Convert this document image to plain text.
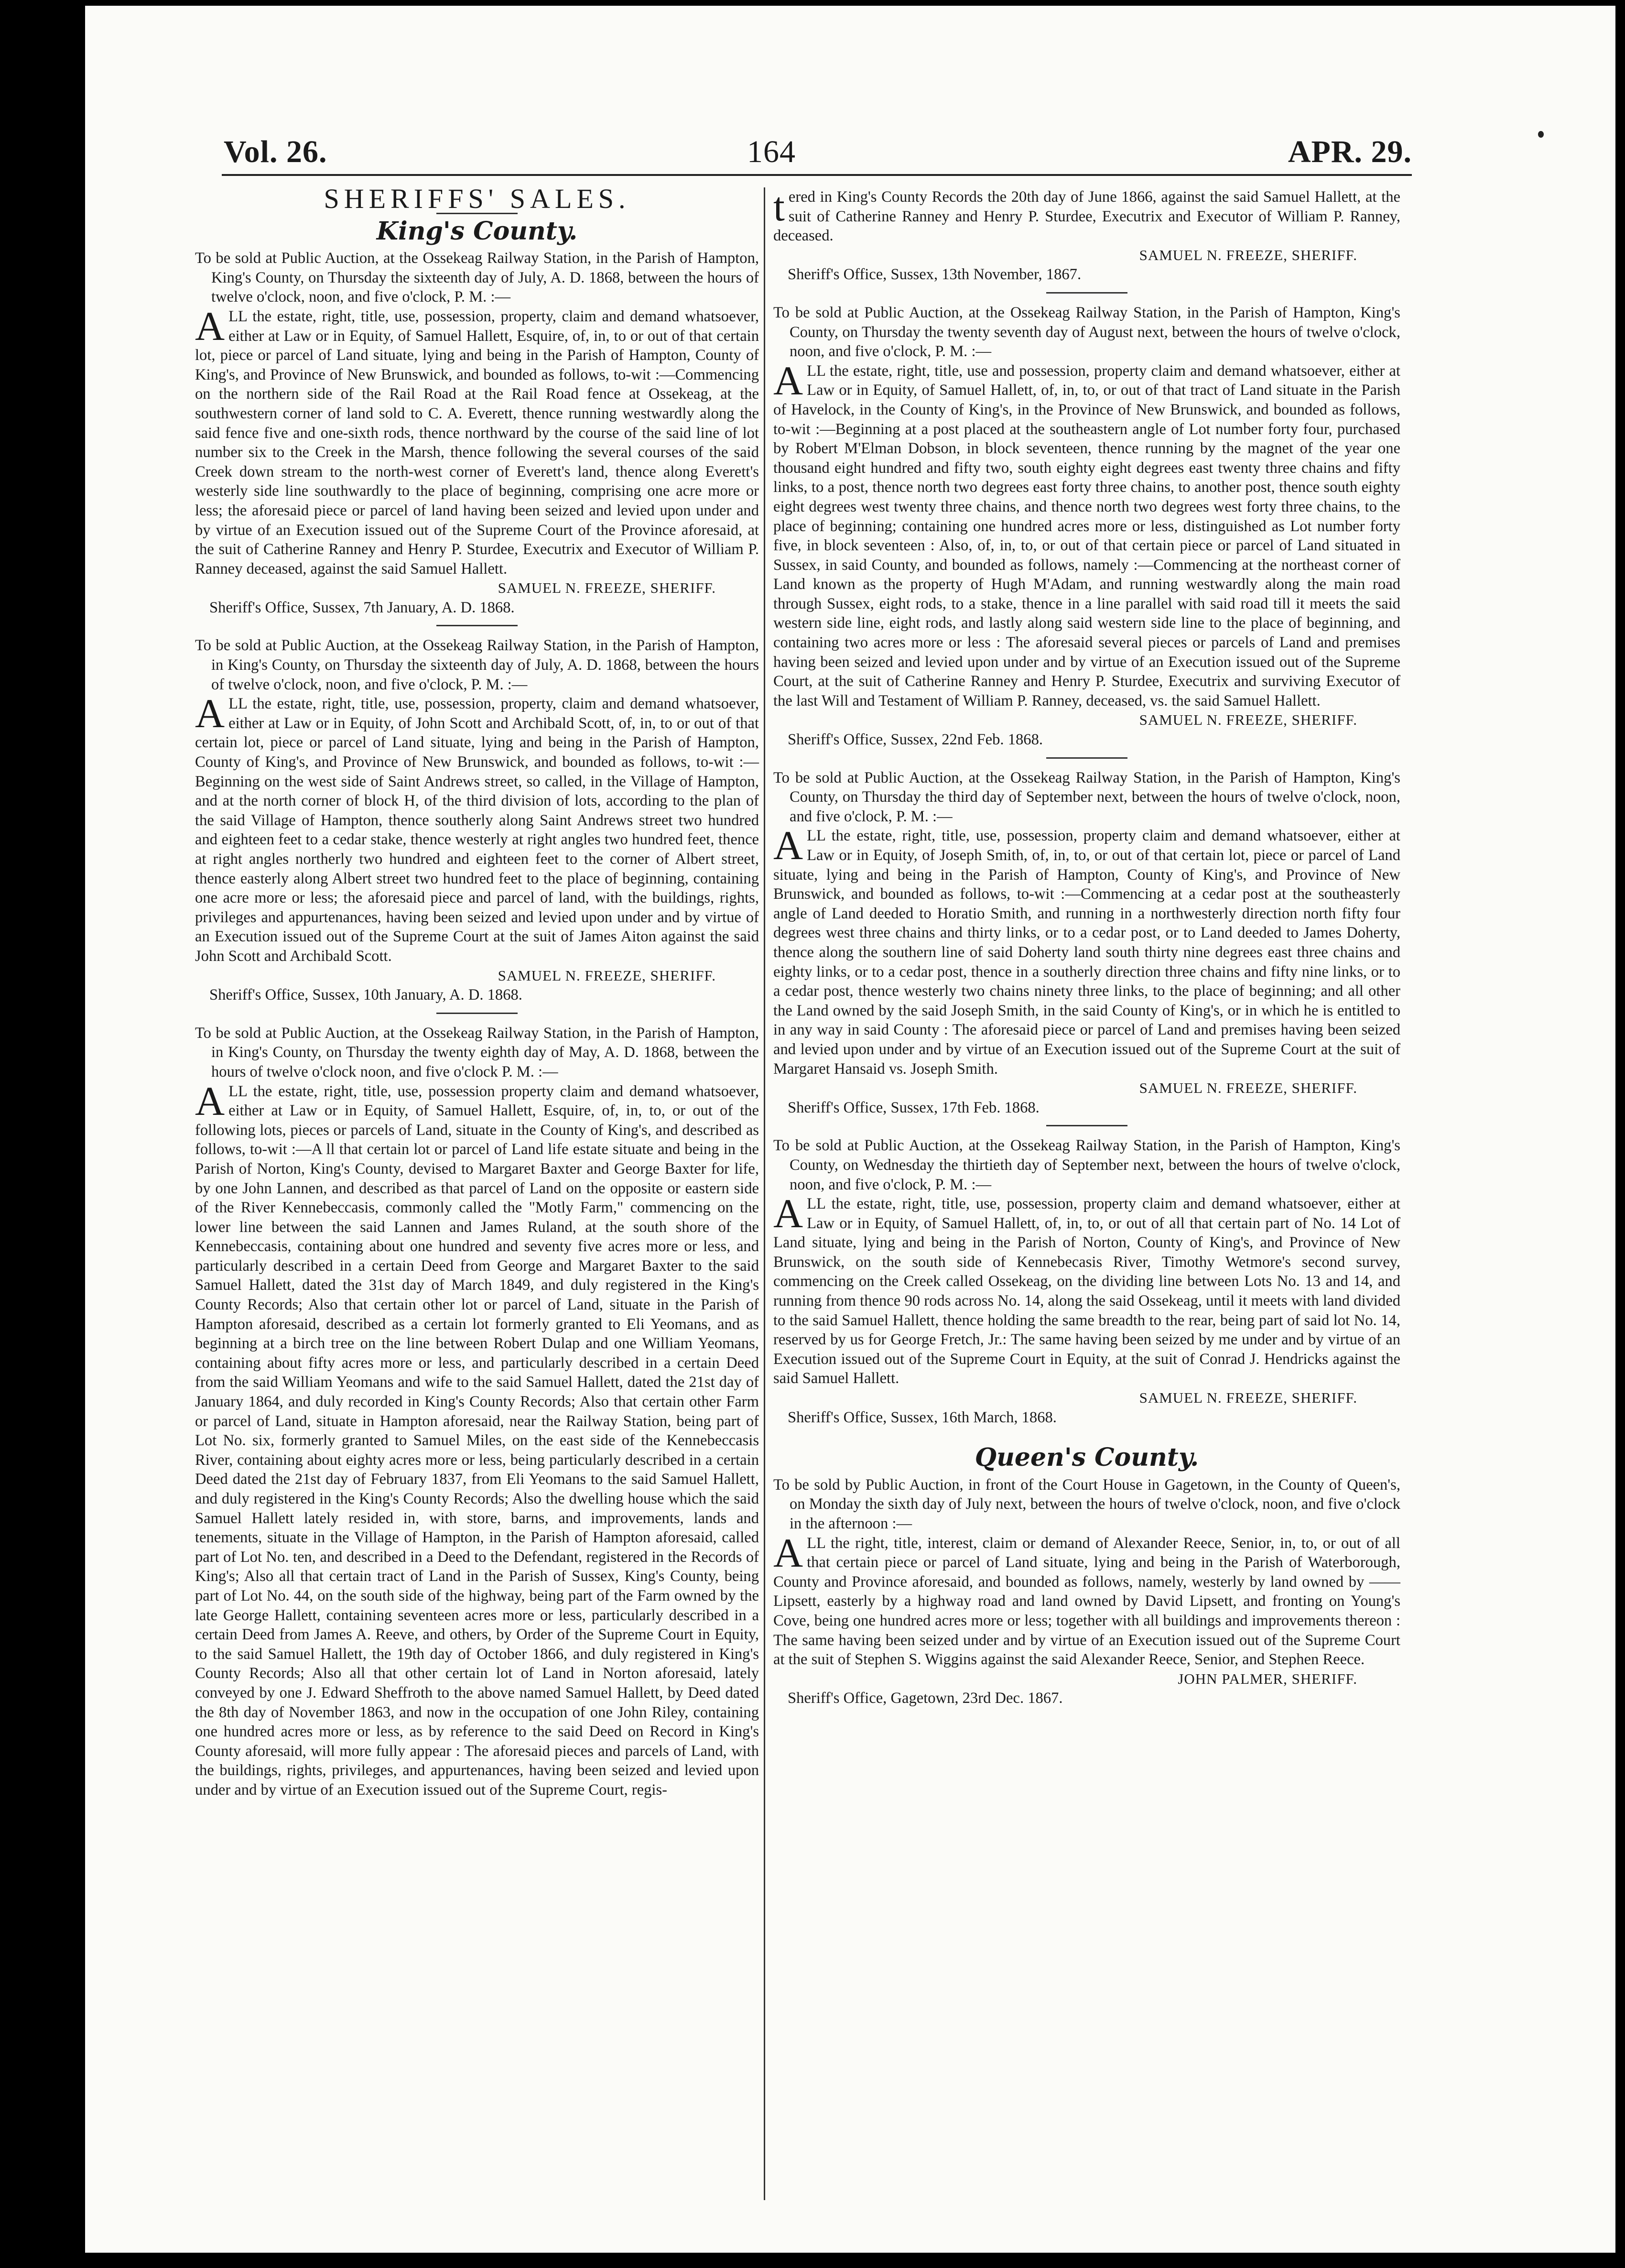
Vol. 26.	164	APR. 29.
SHERIFFS' SALES.
King's County.

To be sold at Public Auction, at the Ossekeag Railway Station, in the Parish of Hampton, King's County, on Thursday the sixteenth day of July, A. D. 1868, between the hours of twelve o'clock, noon, and five o'clock, P. M. :—

ALL the estate, right, title, use, possession, property, claim and demand whatsoever, either at Law or in Equity, of Samuel Hallett, Esquire, of, in, to or out of that certain lot, piece or parcel of Land situate, lying and being in the Parish of Hampton, County of King's, and Province of New Brunswick, and bounded as follows, to-wit :—Commencing on the northern side of the Rail Road at the Rail Road fence at Ossekeag, at the southwestern corner of land sold to C. A. Everett, thence running westwardly along the said fence five and one-sixth rods, thence northward by the course of the said line of lot number six to the Creek in the Marsh, thence following the several courses of the said Creek down stream to the north-west corner of Everett's land, thence along Everett's westerly side line southwardly to the place of beginning, comprising one acre more or less; the aforesaid piece or parcel of land having been seized and levied upon under and by virtue of an Execution issued out of the Supreme Court of the Province aforesaid, at the suit of Catherine Ranney and Henry P. Sturdee, Executrix and Executor of William P. Ranney deceased, against the said Samuel Hallett.

SAMUEL N. FREEZE, SHERIFF.

Sheriff's Office, Sussex, 7th January, A. D. 1868.

To be sold at Public Auction, at the Ossekeag Railway Station, in the Parish of Hampton, in King's County, on Thursday the sixteenth day of July, A. D. 1868, between the hours of twelve o'clock, noon, and five o'clock, P. M. :—

ALL the estate, right, title, use, possession, property, claim and demand whatsoever, either at Law or in Equity, of John Scott and Archibald Scott, of, in, to or out of that certain lot, piece or parcel of Land situate, lying and being in the Parish of Hampton, County of King's, and Province of New Brunswick, and bounded as follows, to-wit :—Beginning on the west side of Saint Andrews street, so called, in the Village of Hampton, and at the north corner of block H, of the third division of lots, according to the plan of the said Village of Hampton, thence southerly along Saint Andrews street two hundred and eighteen feet to a cedar stake, thence westerly at right angles two hundred feet, thence at right angles northerly two hundred and eighteen feet to the corner of Albert street, thence easterly along Albert street two hundred feet to the place of beginning, containing one acre more or less; the aforesaid piece and parcel of land, with the buildings, rights, privileges and appurtenances, having been seized and levied upon under and by virtue of an Execution issued out of the Supreme Court at the suit of James Aiton against the said John Scott and Archibald Scott.

SAMUEL N. FREEZE, SHERIFF.

Sheriff's Office, Sussex, 10th January, A. D. 1868.

To be sold at Public Auction, at the Ossekeag Railway Station, in the Parish of Hampton, in King's County, on Thursday the twenty eighth day of May, A. D. 1868, between the hours of twelve o'clock noon, and five o'clock P. M. :—

ALL the estate, right, title, use, possession property claim and demand whatsoever, either at Law or in Equity, of Samuel Hallett, Esquire, of, in, to, or out of the following lots, pieces or parcels of Land, situate in the County of King's, and described as follows, to-wit :—A ll that certain lot or parcel of Land life estate situate and being in the Parish of Norton, King's County, devised to Margaret Baxter and George Baxter for life, by one John Lannen, and described as that parcel of Land on the opposite or eastern side of the River Kennebeccasis, commonly called the "Motly Farm," commencing on the lower line between the said Lannen and James Ruland, at the south shore of the Kennebeccasis, containing about one hundred and seventy five acres more or less, and particularly described in a certain Deed from George and Margaret Baxter to the said Samuel Hallett, dated the 31st day of March 1849, and duly registered in the King's County Records; Also that certain other lot or parcel of Land, situate in the Parish of Hampton aforesaid, described as a certain lot formerly granted to Eli Yeomans, and as beginning at a birch tree on the line between Robert Dulap and one William Yeomans, containing about fifty acres more or less, and particularly described in a certain Deed from the said William Yeomans and wife to the said Samuel Hallett, dated the 21st day of January 1864, and duly recorded in King's County Records; Also that certain other Farm or parcel of Land, situate in Hampton aforesaid, near the Railway Station, being part of Lot No. six, formerly granted to Samuel Miles, on the east side of the Kennebeccasis River, containing about eighty acres more or less, being particularly described in a certain Deed dated the 21st day of February 1837, from Eli Yeomans to the said Samuel Hallett, and duly registered in the King's County Records; Also the dwelling house which the said Samuel Hallett lately resided in, with store, barns, and improvements, lands and tenements, situate in the Village of Hampton, in the Parish of Hampton aforesaid, called part of Lot No. ten, and described in a Deed to the Defendant, registered in the Records of King's; Also all that certain tract of Land in the Parish of Sussex, King's County, being part of Lot No. 44, on the south side of the highway, being part of the Farm owned by the late George Hallett, containing seventeen acres more or less, particularly described in a certain Deed from James A. Reeve, and others, by Order of the Supreme Court in Equity, to the said Samuel Hallett, the 19th day of October 1866, and duly registered in King's County Records; Also all that other certain lot of Land in Norton aforesaid, lately conveyed by one J. Edward Sheffroth to the above named Samuel Hallett, by Deed dated the 8th day of November 1863, and now in the occupation of one John Riley, containing one hundred acres more or less, as by reference to the said Deed on Record in King's County aforesaid, will more fully appear : The aforesaid pieces and parcels of Land, with the buildings, rights, privileges, and appurtenances, having been seized and levied upon under and by virtue of an Execution issued out of the Supreme Court, regis-

tered in King's County Records the 20th day of June 1866, against the said Samuel Hallett, at the suit of Catherine Ranney and Henry P. Sturdee, Executrix and Executor of William P. Ranney, deceased.

SAMUEL N. FREEZE, SHERIFF.

Sheriff's Office, Sussex, 13th November, 1867.

To be sold at Public Auction, at the Ossekeag Railway Station, in the Parish of Hampton, King's County, on Thursday the twenty seventh day of August next, between the hours of twelve o'clock, noon, and five o'clock, P. M. :—

ALL the estate, right, title, use and possession, property claim and demand whatsoever, either at Law or in Equity, of Samuel Hallett, of, in, to, or out of that tract of Land situate in the Parish of Havelock, in the County of King's, in the Province of New Brunswick, and bounded as follows, to-wit :—Beginning at a post placed at the southeastern angle of Lot number forty four, purchased by Robert M'Elman Dobson, in block seventeen, thence running by the magnet of the year one thousand eight hundred and fifty two, south eighty eight degrees east twenty three chains and fifty links, to a post, thence north two degrees east forty three chains, to another post, thence south eighty eight degrees west twenty three chains, and thence north two degrees west forty three chains, to the place of beginning; containing one hundred acres more or less, distinguished as Lot number forty five, in block seventeen : Also, of, in, to, or out of that certain piece or parcel of Land situated in Sussex, in said County, and bounded as follows, namely :—Commencing at the northeast corner of Land known as the property of Hugh M'Adam, and running westwardly along the main road through Sussex, eight rods, to a stake, thence in a line parallel with said road till it meets the said western side line, eight rods, and lastly along said western side line to the place of beginning, and containing two acres more or less : The aforesaid several pieces or parcels of Land and premises having been seized and levied upon under and by virtue of an Execution issued out of the Supreme Court, at the suit of Catherine Ranney and Henry P. Sturdee, Executrix and surviving Executor of the last Will and Testament of William P. Ranney, deceased, vs. the said Samuel Hallett.

SAMUEL N. FREEZE, SHERIFF.

Sheriff's Office, Sussex, 22nd Feb. 1868.

To be sold at Public Auction, at the Ossekeag Railway Station, in the Parish of Hampton, King's County, on Thursday the third day of September next, between the hours of twelve o'clock, noon, and five o'clock, P. M. :—

ALL the estate, right, title, use, possession, property claim and demand whatsoever, either at Law or in Equity, of Joseph Smith, of, in, to, or out of that certain lot, piece or parcel of Land situate, lying and being in the Parish of Hampton, County of King's, and Province of New Brunswick, and bounded as follows, to-wit :—Commencing at a cedar post at the southeasterly angle of Land deeded to Horatio Smith, and running in a northwesterly direction north fifty four degrees west three chains and thirty links, or to a cedar post, or to Land deeded to James Doherty, thence along the southern line of said Doherty land south thirty nine degrees east three chains and eighty links, or to a cedar post, thence in a southerly direction three chains and fifty nine links, or to a cedar post, thence westerly two chains ninety three links, to the place of beginning; and all other the Land owned by the said Joseph Smith, in the said County of King's, or in which he is entitled to in any way in said County : The aforesaid piece or parcel of Land and premises having been seized and levied upon under and by virtue of an Execution issued out of the Supreme Court at the suit of Margaret Hansaid vs. Joseph Smith.

SAMUEL N. FREEZE, SHERIFF.

Sheriff's Office, Sussex, 17th Feb. 1868.

To be sold at Public Auction, at the Ossekeag Railway Station, in the Parish of Hampton, King's County, on Wednesday the thirtieth day of September next, between the hours of twelve o'clock, noon, and five o'clock, P. M. :—

ALL the estate, right, title, use, possession, property claim and demand whatsoever, either at Law or in Equity, of Samuel Hallett, of, in, to, or out of all that certain part of No. 14 Lot of Land situate, lying and being in the Parish of Norton, County of King's, and Province of New Brunswick, on the south side of Kennebecasis River, Timothy Wetmore's second survey, commencing on the Creek called Ossekeag, on the dividing line between Lots No. 13 and 14, and running from thence 90 rods across No. 14, along the said Ossekeag, until it meets with land divided to the said Samuel Hallett, thence holding the same breadth to the rear, being part of said lot No. 14, reserved by us for George Fretch, Jr.: The same having been seized by me under and by virtue of an Execution issued out of the Supreme Court in Equity, at the suit of Conrad J. Hendricks against the said Samuel Hallett.

SAMUEL N. FREEZE, SHERIFF.

Sheriff's Office, Sussex, 16th March, 1868.

Queen's County.

To be sold by Public Auction, in front of the Court House in Gagetown, in the County of Queen's, on Monday the sixth day of July next, between the hours of twelve o'clock, noon, and five o'clock in the afternoon :—

ALL the right, title, interest, claim or demand of Alexander Reece, Senior, in, to, or out of all that certain piece or parcel of Land situate, lying and being in the Parish of Waterborough, County and Province aforesaid, and bounded as follows, namely, westerly by land owned by —— Lipsett, easterly by a highway road and land owned by David Lipsett, and fronting on Young's Cove, being one hundred acres more or less; together with all buildings and improvements thereon : The same having been seized under and by virtue of an Execution issued out of the Supreme Court at the suit of Stephen S. Wiggins against the said Alexander Reece, Senior, and Stephen Reece.

JOHN PALMER, SHERIFF.

Sheriff's Office, Gagetown, 23rd Dec. 1867.
